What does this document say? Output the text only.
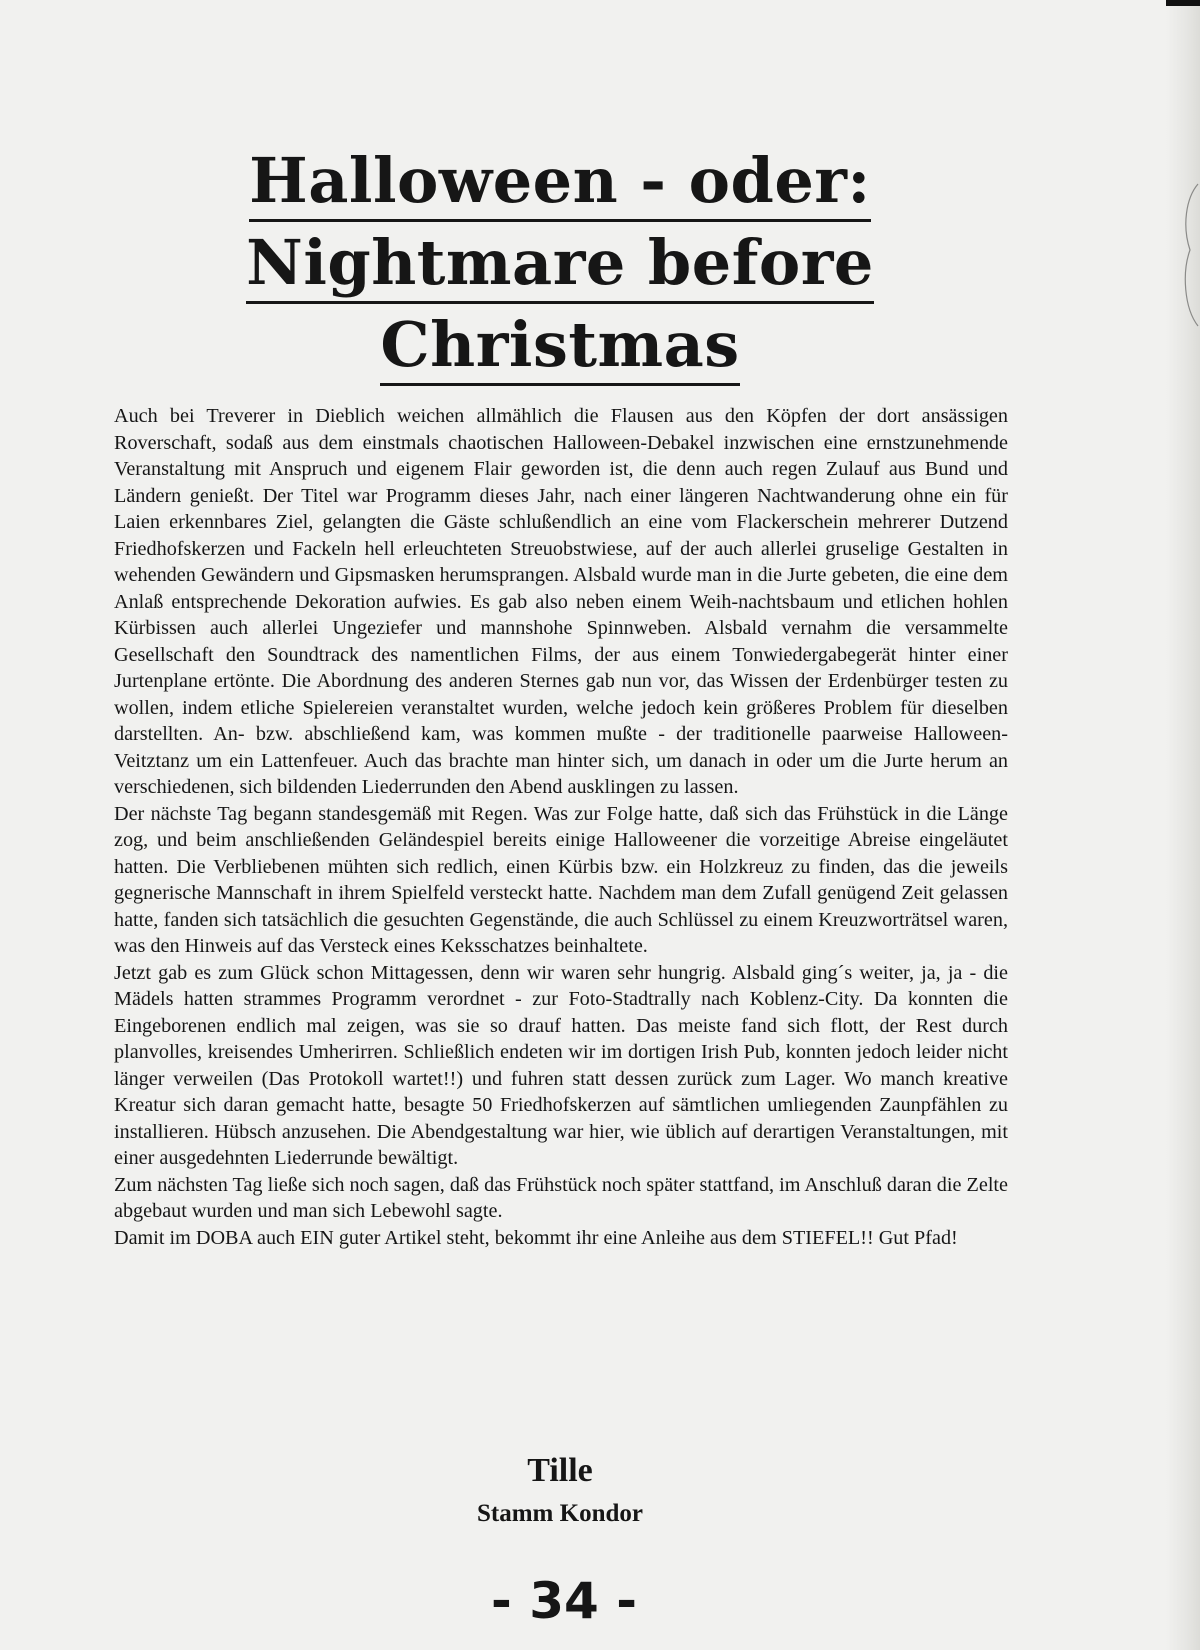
Halloween - oder:
Nightmare before
Christmas

Auch bei Treverer in Dieblich weichen allmählich die Flausen aus den Köpfen der dort ansässigen Roverschaft, sodaß aus dem einstmals chaotischen Halloween-Debakel inzwischen eine ernstzunehmende Veranstaltung mit Anspruch und eigenem Flair geworden ist, die denn auch regen Zulauf aus Bund und Ländern genießt. Der Titel war Programm dieses Jahr, nach einer längeren Nachtwanderung ohne ein für Laien erkennbares Ziel, gelangten die Gäste schlußendlich an eine vom Flackerschein mehrerer Dutzend Friedhofskerzen und Fackeln hell erleuchteten Streuobstwiese, auf der auch allerlei gruselige Gestalten in wehenden Gewändern und Gipsmasken herumsprangen. Alsbald wurde man in die Jurte gebeten, die eine dem Anlaß entsprechende Dekoration aufwies. Es gab also neben einem Weih-nachtsbaum und etlichen hohlen Kürbissen auch allerlei Ungeziefer und mannshohe Spinnweben. Alsbald vernahm die versammelte Gesellschaft den Soundtrack des namentlichen Films, der aus einem Tonwiedergabegerät hinter einer Jurtenplane ertönte. Die Abordnung des anderen Sternes gab nun vor, das Wissen der Erdenbürger testen zu wollen, indem etliche Spielereien veranstaltet wurden, welche jedoch kein größeres Problem für dieselben darstellten. An- bzw. abschließend kam, was kommen mußte - der traditionelle paarweise Halloween-Veitztanz um ein Lattenfeuer. Auch das brachte man hinter sich, um danach in oder um die Jurte herum an verschiedenen, sich bildenden Liederrunden den Abend ausklingen zu lassen.

Der nächste Tag begann standesgemäß mit Regen. Was zur Folge hatte, daß sich das Frühstück in die Länge zog, und beim anschließenden Geländespiel bereits einige Halloweener die vorzeitige Abreise eingeläutet hatten. Die Verbliebenen mühten sich redlich, einen Kürbis bzw. ein Holzkreuz zu finden, das die jeweils gegnerische Mannschaft in ihrem Spielfeld versteckt hatte. Nachdem man dem Zufall genügend Zeit gelassen hatte, fanden sich tatsächlich die gesuchten Gegenstände, die auch Schlüssel zu einem Kreuzworträtsel waren, was den Hinweis auf das Versteck eines Keksschatzes beinhaltete.

Jetzt gab es zum Glück schon Mittagessen, denn wir waren sehr hungrig. Alsbald ging´s weiter, ja, ja - die Mädels hatten strammes Programm verordnet - zur Foto-Stadtrally nach Koblenz-City. Da konnten die Eingeborenen endlich mal zeigen, was sie so drauf hatten. Das meiste fand sich flott, der Rest durch planvolles, kreisendes Umherirren. Schließlich endeten wir im dortigen Irish Pub, konnten jedoch leider nicht länger verweilen (Das Protokoll wartet!!) und fuhren statt dessen zurück zum Lager. Wo manch kreative Kreatur sich daran gemacht hatte, besagte 50 Friedhofskerzen auf sämtlichen umliegenden Zaunpfählen zu installieren. Hübsch anzusehen. Die Abendgestaltung war hier, wie üblich auf derartigen Veranstaltungen, mit einer ausgedehnten Liederrunde bewältigt.

Zum nächsten Tag ließe sich noch sagen, daß das Frühstück noch später stattfand, im Anschluß daran die Zelte abgebaut wurden und man sich Lebewohl sagte.

Damit im DOBA auch EIN guter Artikel steht, bekommt ihr eine Anleihe aus dem STIEFEL!! Gut Pfad!

Tille
Stamm Kondor
- 34 -
